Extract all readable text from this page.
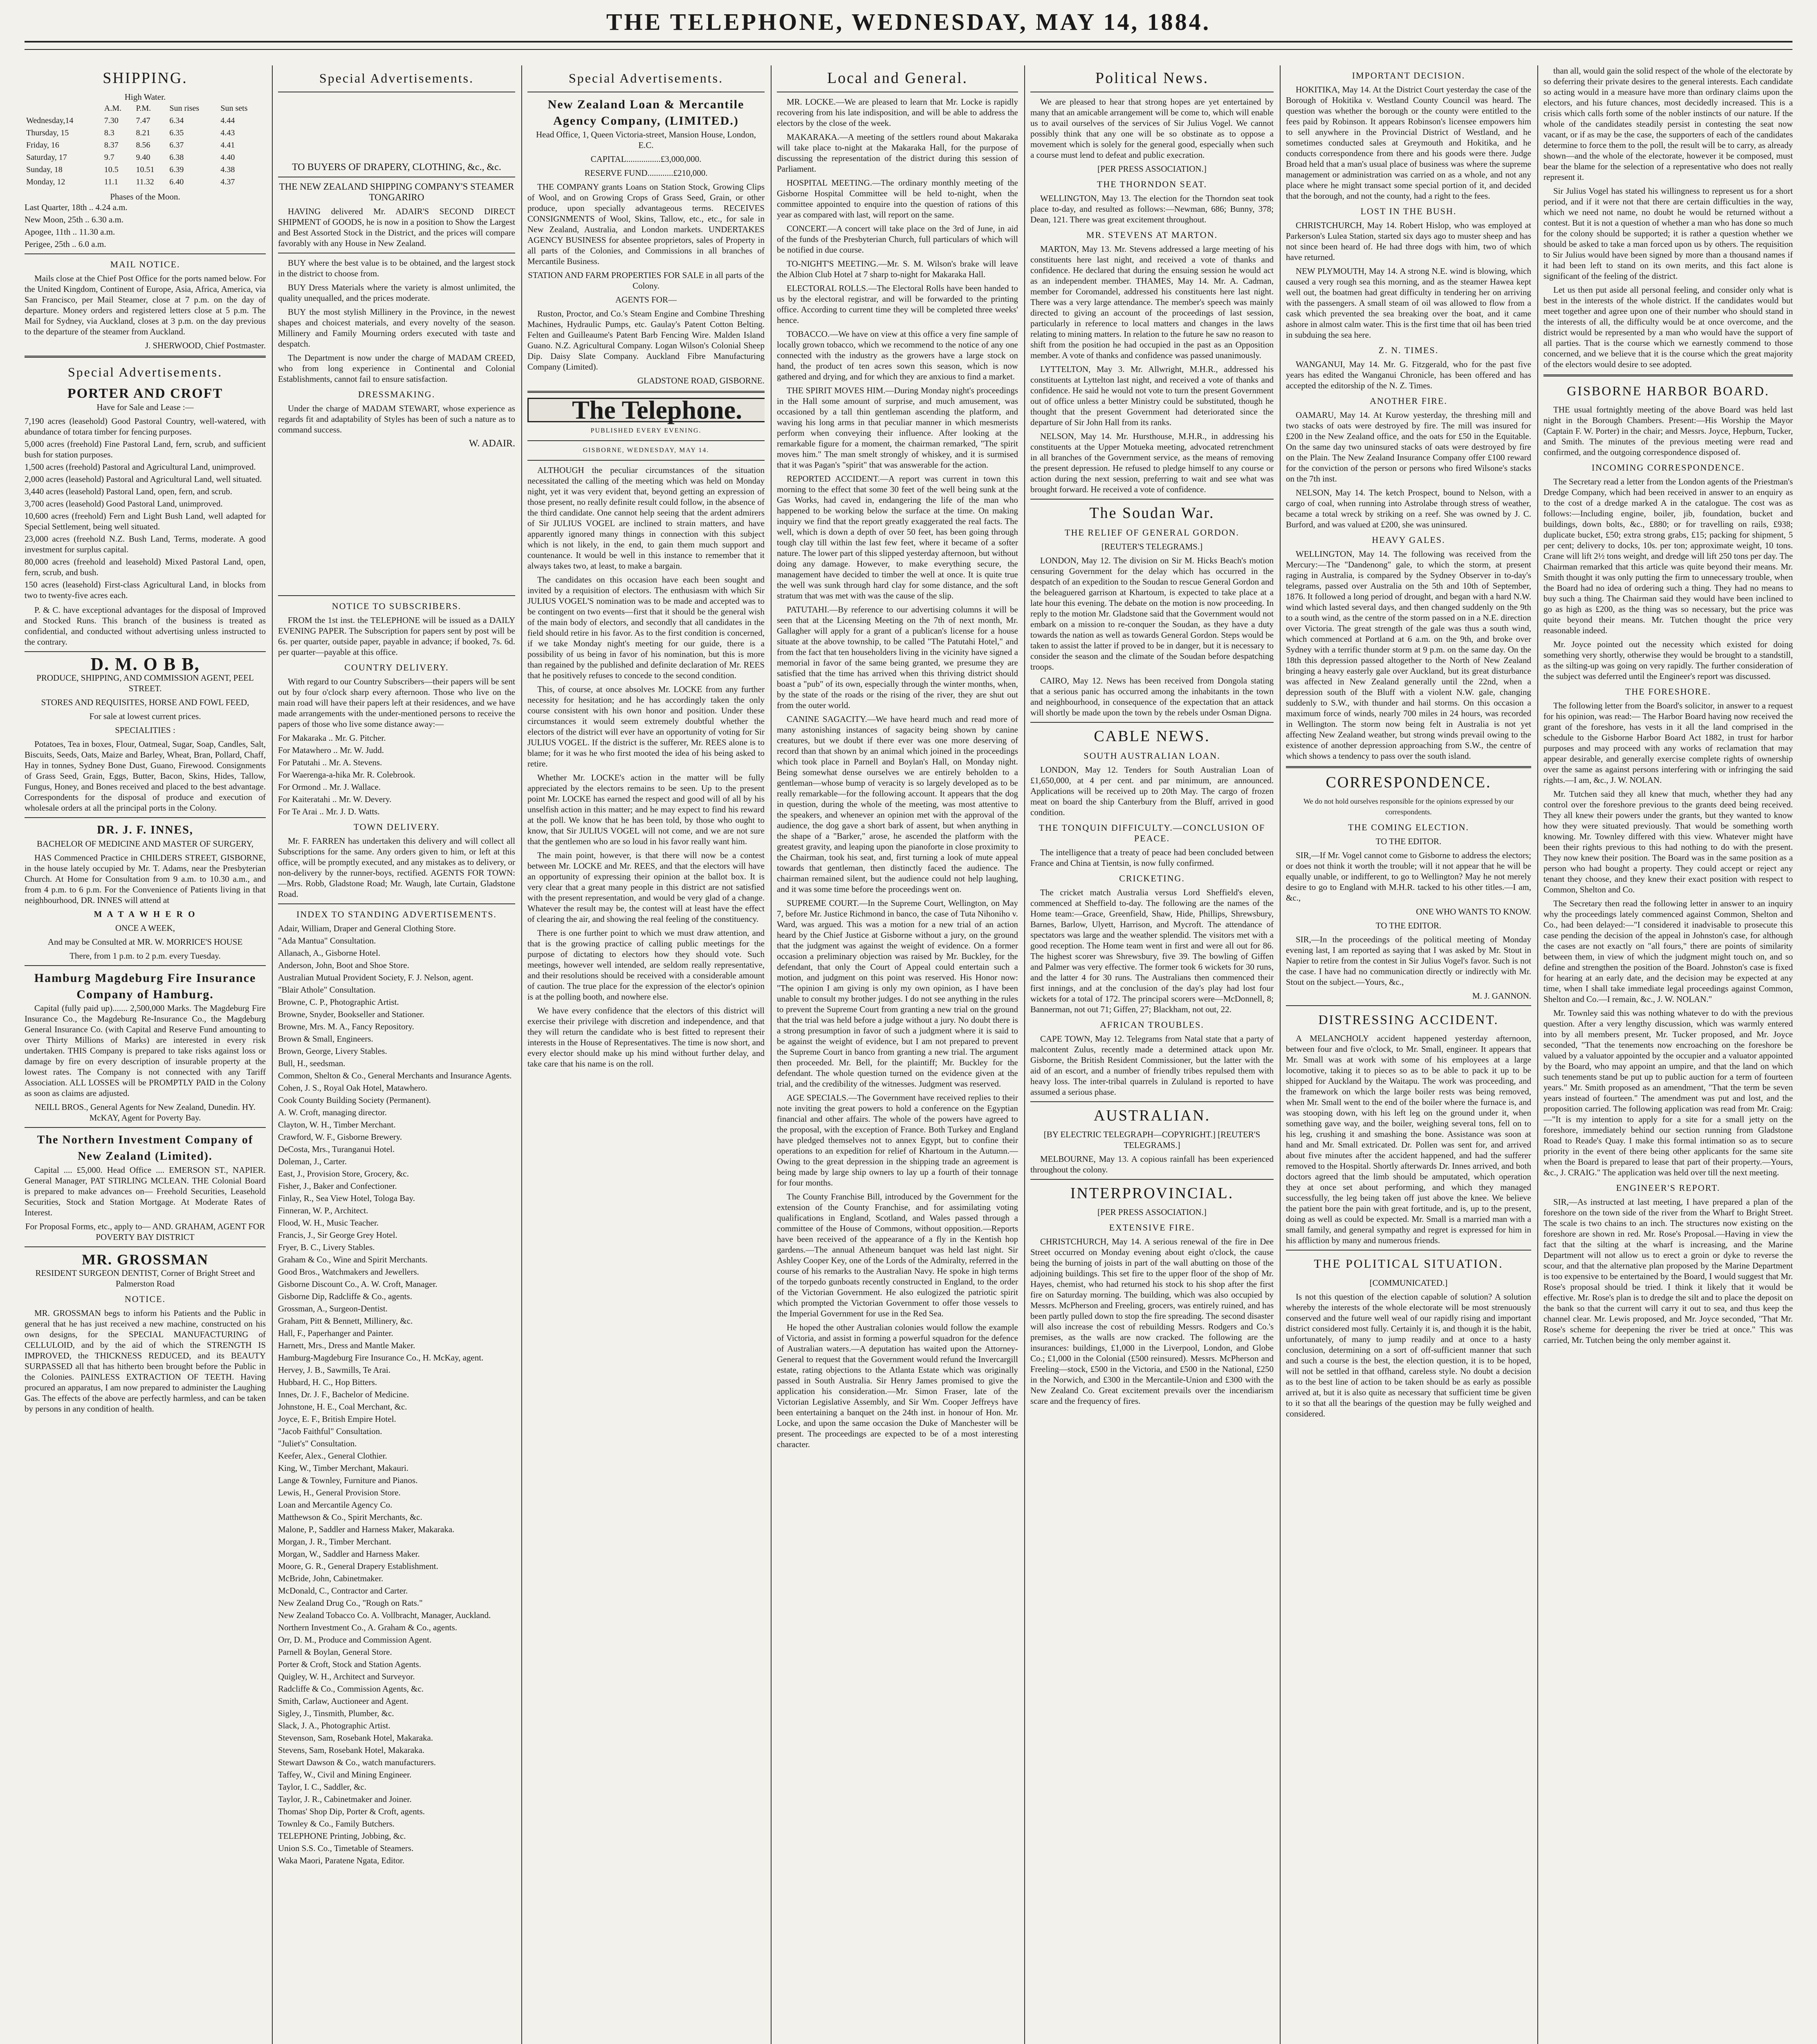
THE TELEPHONE, WEDNESDAY, MAY 14, 1884.
SHIPPING.
High Water.
	A.M.	P.M.	Sun rises	Sun sets
Wednesday,14	7.30	7.47	6.34	4.44
Thursday, 15	8.3	8.21	6.35	4.43
Friday, 16	8.37	8.56	6.37	4.41
Saturday, 17	9.7	9.40	6.38	4.40
Sunday, 18	10.5	10.51	6.39	4.38
Monday, 12	11.1	11.32	6.40	4.37
Phases of the Moon.
Last Quarter, 18th .. 4.24 a.m.
New Moon, 25th .. 6.30 a.m.
Apogee, 11th .. 11.30 a.m.
Perigee, 25th .. 6.0 a.m.
MAIL NOTICE.

Mails close at the Chief Post Office for the ports named below. For the United Kingdom, Continent of Europe, Asia, Africa, America, via San Francisco, per Mail Steamer, close at 7 p.m. on the day of departure. Money orders and registered letters close at 5 p.m. The Mail for Sydney, via Auckland, closes at 3 p.m. on the day previous to the departure of the steamer from Auckland.

J. SHERWOOD, Chief Postmaster.

Special Advertisements.
PORTER AND CROFT

Have for Sale and Lease :—

7,190 acres (leasehold) Good Pastoral Country, well-watered, with abundance of totara timber for fencing purposes.
5,000 acres (freehold) Fine Pastoral Land, fern, scrub, and sufficient bush for station purposes.
1,500 acres (freehold) Pastoral and Agricultural Land, unimproved.
2,000 acres (leasehold) Pastoral and Agricultural Land, well situated.
3,440 acres (leasehold) Pastoral Land, open, fern, and scrub.
3,700 acres (leasehold) Good Pastoral Land, unimproved.
10,600 acres (freehold) Fern and Light Bush Land, well adapted for Special Settlement, being well situated.
23,000 acres (freehold N.Z. Bush Land, Terms, moderate. A good investment for surplus capital.
80,000 acres (freehold and leasehold) Mixed Pastoral Land, open, fern, scrub, and bush.
150 acres (leasehold) First-class Agricultural Land, in blocks from two to twenty-five acres each.

P. & C. have exceptional advantages for the disposal of Improved and Stocked Runs. This branch of the business is treated as confidential, and conducted without advertising unless instructed to the contrary.

D. M. O B B,

PRODUCE, SHIPPING, AND COMMISSION AGENT, PEEL STREET.

STORES AND REQUISITES, HORSE AND FOWL FEED,

For sale at lowest current prices.

SPECIALITIES :

Potatoes, Tea in boxes, Flour, Oatmeal, Sugar, Soap, Candles, Salt, Biscuits, Seeds, Oats, Maize and Barley, Wheat, Bran, Pollard, Chaff, Hay in tonnes, Sydney Bone Dust, Guano, Firewood. Consignments of Grass Seed, Grain, Eggs, Butter, Bacon, Skins, Hides, Tallow, Fungus, Honey, and Bones received and placed to the best advantage. Correspondents for the disposal of produce and execution of wholesale orders at all the principal ports in the Colony.

DR. J. F. INNES,

BACHELOR OF MEDICINE AND MASTER OF SURGERY,

HAS Commenced Practice in CHILDERS STREET, GISBORNE, in the house lately occupied by Mr. T. Adams, near the Presbyterian Church. At Home for Consultation from 9 a.m. to 10.30 a.m., and from 4 p.m. to 6 p.m. For the Convenience of Patients living in that neighbourhood, DR. INNES will attend at

M A T A W H E R O

ONCE A WEEK,

And may be Consulted at MR. W. MORRICE'S HOUSE

There, from 1 p.m. to 2 p.m. every Tuesday.

Hamburg Magdeburg Fire Insurance Company of Hamburg.

Capital (fully paid up)....... 2,500,000 Marks. The Magdeburg Fire Insurance Co., the Magdeburg Re-Insurance Co., the Magdeburg General Insurance Co. (with Capital and Reserve Fund amounting to over Thirty Millions of Marks) are interested in every risk undertaken. THIS Company is prepared to take risks against loss or damage by fire on every description of insurable property at the lowest rates. The Company is not connected with any Tariff Association. ALL LOSSES will be PROMPTLY PAID in the Colony as soon as claims are adjusted.

NEILL BROS., General Agents for New Zealand, Dunedin. HY. McKAY, Agent for Poverty Bay.

The Northern Investment Company of New Zealand (Limited).

Capital .... £5,000. Head Office .... EMERSON ST., NAPIER. General Manager, PAT STIRLING MCLEAN. THE Colonial Board is prepared to make advances on— Freehold Securities, Leasehold Securities, Stock and Station Mortgage. At Moderate Rates of Interest.

For Proposal Forms, etc., apply to— AND. GRAHAM, AGENT FOR POVERTY BAY DISTRICT

MR. GROSSMAN

RESIDENT SURGEON DENTIST, Corner of Bright Street and Palmerston Road

NOTICE.

MR. GROSSMAN begs to inform his Patients and the Public in general that he has just received a new machine, constructed on his own designs, for the SPECIAL MANUFACTURING of CELLULOID, and by the aid of which the STRENGTH IS IMPROVED, the THICKNESS REDUCED, and its BEAUTY SURPASSED all that has hitherto been brought before the Public in the Colonies. PAINLESS EXTRACTION OF TEETH. Having procured an apparatus, I am now prepared to administer the Laughing Gas. The effects of the above are perfectly harmless, and can be taken by persons in any condition of health.

Special Advertisements.

TO BUYERS OF DRAPERY, CLOTHING, &c., &c.

THE NEW ZEALAND SHIPPING COMPANY'S STEAMER TONGARIRO

HAVING delivered Mr. ADAIR'S SECOND DIRECT SHIPMENT of GOODS, he is now in a position to Show the Largest and Best Assorted Stock in the District, and the prices will compare favorably with any House in New Zealand.

BUY where the best value is to be obtained, and the largest stock in the district to choose from.

BUY Dress Materials where the variety is almost unlimited, the quality unequalled, and the prices moderate.

BUY the most stylish Millinery in the Province, in the newest shapes and choicest materials, and every novelty of the season. Millinery and Family Mourning orders executed with taste and despatch.

The Department is now under the charge of MADAM CREED, who from long experience in Continental and Colonial Establishments, cannot fail to ensure satisfaction.

DRESSMAKING.

Under the charge of MADAM STEWART, whose experience as regards fit and adaptability of Styles has been of such a nature as to command success.

W. ADAIR.

NOTICE TO SUBSCRIBERS.

FROM the 1st inst. the TELEPHONE will be issued as a DAILY EVENING PAPER. The Subscription for papers sent by post will be 6s. per quarter, outside paper, payable in advance; if booked, 7s. 6d. per quarter—payable at this office.

COUNTRY DELIVERY.

With regard to our Country Subscribers—their papers will be sent out by four o'clock sharp every afternoon. Those who live on the main road will have their papers left at their residences, and we have made arrangements with the under-mentioned persons to receive the papers of those who live some distance away:—

For Makaraka .. Mr. G. Pitcher.
For Matawhero .. Mr. W. Judd.
For Patutahi .. Mr. A. Stevens.
For Waerenga-a-hika Mr. R. Colebrook.
For Ormond .. Mr. J. Wallace.
For Kaiteratahi .. Mr. W. Devery.
For Te Arai .. Mr. J. D. Watts.
TOWN DELIVERY.

Mr. F. FARREN has undertaken this delivery and will collect all Subscriptions for the same. Any orders given to him, or left at this office, will be promptly executed, and any mistakes as to delivery, or non-delivery by the runner-boys, rectified. AGENTS FOR TOWN:—Mrs. Robb, Gladstone Road; Mr. Waugh, late Curtain, Gladstone Road.

INDEX TO STANDING ADVERTISEMENTS.
Adair, William, Draper and General Clothing Store.
"Ada Mantua" Consultation.
Allanach, A., Gisborne Hotel.
Anderson, John, Boot and Shoe Store.
Australian Mutual Provident Society, F. J. Nelson, agent.
"Blair Athole" Consultation.
Browne, C. P., Photographic Artist.
Browne, Snyder, Bookseller and Stationer.
Browne, Mrs. M. A., Fancy Repository.
Brown & Small, Engineers.
Brown, George, Livery Stables.
Bull, H., seedsman.
Common, Shelton & Co., General Merchants and Insurance Agents.
Cohen, J. S., Royal Oak Hotel, Matawhero.
Cook County Building Society (Permanent).
A. W. Croft, managing director.
Clayton, W. H., Timber Merchant.
Crawford, W. F., Gisborne Brewery.
DeCosta, Mrs., Turanganui Hotel.
Doleman, J., Carter.
East, J., Provision Store, Grocery, &c.
Fisher, J., Baker and Confectioner.
Finlay, R., Sea View Hotel, Tologa Bay.
Finneran, W. P., Architect.
Flood, W. H., Music Teacher.
Francis, J., Sir George Grey Hotel.
Fryer, B. C., Livery Stables.
Graham & Co., Wine and Spirit Merchants.
Good Bros., Watchmakers and Jewellers.
Gisborne Discount Co., A. W. Croft, Manager.
Gisborne Dip, Radcliffe & Co., agents.
Grossman, A., Surgeon-Dentist.
Graham, Pitt & Bennett, Millinery, &c.
Hall, F., Paperhanger and Painter.
Harnett, Mrs., Dress and Mantle Maker.
Hamburg-Magdeburg Fire Insurance Co., H. McKay, agent.
Hervey, J. B., Sawmills, Te Arai.
Hubbard, H. C., Hop Bitters.
Innes, Dr. J. F., Bachelor of Medicine.
Johnstone, H. E., Coal Merchant, &c.
Joyce, E. F., British Empire Hotel.
"Jacob Faithful" Consultation.
"Juliet's" Consultation.
Keefer, Alex., General Clothier.
King, W., Timber Merchant, Makauri.
Lange & Townley, Furniture and Pianos.
Lewis, H., General Provision Store.
Loan and Mercantile Agency Co.
Matthewson & Co., Spirit Merchants, &c.
Malone, P., Saddler and Harness Maker, Makaraka.
Morgan, J. R., Timber Merchant.
Morgan, W., Saddler and Harness Maker.
Moore, G. R., General Drapery Establishment.
McBride, John, Cabinetmaker.
McDonald, C., Contractor and Carter.
New Zealand Drug Co., "Rough on Rats."
New Zealand Tobacco Co. A. Vollbracht, Manager, Auckland.
Northern Investment Co., A. Graham & Co., agents.
Orr, D. M., Produce and Commission Agent.
Parnell & Boylan, General Store.
Porter & Croft, Stock and Station Agents.
Quigley, W. H., Architect and Surveyor.
Radcliffe & Co., Commission Agents, &c.
Smith, Carlaw, Auctioneer and Agent.
Sigley, J., Tinsmith, Plumber, &c.
Slack, J. A., Photographic Artist.
Stevenson, Sam, Rosebank Hotel, Makaraka.
Stevens, Sam, Rosebank Hotel, Makaraka.
Stewart Dawson & Co., watch manufacturers.
Taffey, W., Civil and Mining Engineer.
Taylor, I. C., Saddler, &c.
Taylor, J. R., Cabinetmaker and Joiner.
Thomas' Shop Dip, Porter & Croft, agents.
Townley & Co., Family Butchers.
TELEPHONE Printing, Jobbing, &c.
Union S.S. Co., Timetable of Steamers.
Waka Maori, Paratene Ngata, Editor.
Special Advertisements.
New Zealand Loan & Mercantile Agency Company, (LIMITED.)

Head Office, 1, Queen Victoria-street, Mansion House, London, E.C.

CAPITAL................£3,000,000.

RESERVE FUND............£210,000.

THE COMPANY grants Loans on Station Stock, Growing Clips of Wool, and on Growing Crops of Grass Seed, Grain, or other produce, upon specially advantageous terms. RECEIVES CONSIGNMENTS of Wool, Skins, Tallow, etc., etc., for sale in New Zealand, Australia, and London markets. UNDERTAKES AGENCY BUSINESS for absentee proprietors, sales of Property in all parts of the Colonies, and Commissions in all branches of Mercantile Business.

STATION AND FARM PROPERTIES FOR SALE in all parts of the Colony.

AGENTS FOR—

Ruston, Proctor, and Co.'s Steam Engine and Combine Threshing Machines, Hydraulic Pumps, etc. Gaulay's Patent Cotton Belting. Felten and Guilleaume's Patent Barb Fencing Wire. Malden Island Guano. N.Z. Agricultural Company. Logan Wilson's Colonial Sheep Dip. Daisy Slate Company. Auckland Fibre Manufacturing Company (Limited).

GLADSTONE ROAD, GISBORNE.

The Telephone.
PUBLISHED EVERY EVENING.
GISBORNE, WEDNESDAY, MAY 14.

ALTHOUGH the peculiar circumstances of the situation necessitated the calling of the meeting which was held on Monday night, yet it was very evident that, beyond getting an expression of those present, no really definite result could follow, in the absence of the third candidate. One cannot help seeing that the ardent admirers of Sir JULIUS VOGEL are inclined to strain matters, and have apparently ignored many things in connection with this subject which is not likely, in the end, to gain them much support and countenance. It would be well in this instance to remember that it always takes two, at least, to make a bargain.

The candidates on this occasion have each been sought and invited by a requisition of electors. The enthusiasm with which Sir JULIUS VOGEL'S nomination was to be made and accepted was to be contingent on two events—first that it should be the general wish of the main body of electors, and secondly that all candidates in the field should retire in his favor. As to the first condition is concerned, if we take Monday night's meeting for our guide, there is a possibility of us being in favor of his nomination, but this is more than regained by the published and definite declaration of Mr. REES that he positively refuses to concede to the second condition.

This, of course, at once absolves Mr. LOCKE from any further necessity for hesitation; and he has accordingly taken the only course consistent with his own honor and position. Under these circumstances it would seem extremely doubtful whether the electors of the district will ever have an opportunity of voting for Sir JULIUS VOGEL. If the district is the sufferer, Mr. REES alone is to blame; for it was he who first mooted the idea of his being asked to retire.

Whether Mr. LOCKE's action in the matter will be fully appreciated by the electors remains to be seen. Up to the present point Mr. LOCKE has earned the respect and good will of all by his unselfish action in this matter; and he may expect to find his reward at the poll. We know that he has been told, by those who ought to know, that Sir JULIUS VOGEL will not come, and we are not sure that the gentlemen who are so loud in his favor really want him.

The main point, however, is that there will now be a contest between Mr. LOCKE and Mr. REES, and that the electors will have an opportunity of expressing their opinion at the ballot box. It is very clear that a great many people in this district are not satisfied with the present representation, and would be very glad of a change. Whatever the result may be, the contest will at least have the effect of clearing the air, and showing the real feeling of the constituency.

There is one further point to which we must draw attention, and that is the growing practice of calling public meetings for the purpose of dictating to electors how they should vote. Such meetings, however well intended, are seldom really representative, and their resolutions should be received with a considerable amount of caution. The true place for the expression of the elector's opinion is at the polling booth, and nowhere else.

We have every confidence that the electors of this district will exercise their privilege with discretion and independence, and that they will return the candidate who is best fitted to represent their interests in the House of Representatives. The time is now short, and every elector should make up his mind without further delay, and take care that his name is on the roll.

Local and General.

MR. LOCKE.—We are pleased to learn that Mr. Locke is rapidly recovering from his late indisposition, and will be able to address the electors by the close of the week.

MAKARAKA.—A meeting of the settlers round about Makaraka will take place to-night at the Makaraka Hall, for the purpose of discussing the representation of the district during this session of Parliament.

HOSPITAL MEETING.—The ordinary monthly meeting of the Gisborne Hospital Committee will be held to-night, when the committee appointed to enquire into the question of rations of this year as compared with last, will report on the same.

CONCERT.—A concert will take place on the 3rd of June, in aid of the funds of the Presbyterian Church, full particulars of which will be notified in due course.

TO-NIGHT'S MEETING.—Mr. S. M. Wilson's brake will leave the Albion Club Hotel at 7 sharp to-night for Makaraka Hall.

ELECTORAL ROLLS.—The Electoral Rolls have been handed to us by the electoral registrar, and will be forwarded to the printing office. According to current time they will be completed three weeks' hence.

TOBACCO.—We have on view at this office a very fine sample of locally grown tobacco, which we recommend to the notice of any one connected with the industry as the growers have a large stock on hand, the product of ten acres sown this season, which is now gathered and drying, and for which they are anxious to find a market.

THE SPIRIT MOVES HIM.—During Monday night's proceedings in the Hall some amount of surprise, and much amusement, was occasioned by a tall thin gentleman ascending the platform, and waving his long arms in that peculiar manner in which mesmerists perform when conveying their influence. After looking at the remarkable figure for a moment, the chairman remarked, "The spirit moves him." The man smelt strongly of whiskey, and it is surmised that it was Pagan's "spirit" that was answerable for the action.

REPORTED ACCIDENT.—A report was current in town this morning to the effect that some 30 feet of the well being sunk at the Gas Works, had caved in, endangering the life of the man who happened to be working below the surface at the time. On making inquiry we find that the report greatly exaggerated the real facts. The well, which is down a depth of over 50 feet, has been going through tough clay till within the last few feet, where it became of a softer nature. The lower part of this slipped yesterday afternoon, but without doing any damage. However, to make everything secure, the management have decided to timber the well at once. It is quite true the well was sunk through hard clay for some distance, and the soft stratum that was met with was the cause of the slip.

PATUTAHI.—By reference to our advertising columns it will be seen that at the Licensing Meeting on the 7th of next month, Mr. Gallagher will apply for a grant of a publican's license for a house situate at the above township, to be called "The Patutahi Hotel," and from the fact that ten householders living in the vicinity have signed a memorial in favor of the same being granted, we presume they are satisfied that the time has arrived when this thriving district should boast a "pub" of its own, especially through the winter months, when, by the state of the roads or the rising of the river, they are shut out from the outer world.

CANINE SAGACITY.—We have heard much and read more of many astonishing instances of sagacity being shown by canine creatures, but we doubt if there ever was one more deserving of record than that shown by an animal which joined in the proceedings which took place in Parnell and Boylan's Hall, on Monday night. Being somewhat dense ourselves we are entirely beholden to a gentleman—whose bump of veracity is so largely developed as to be really remarkable—for the following account. It appears that the dog in question, during the whole of the meeting, was most attentive to the speakers, and whenever an opinion met with the approval of the audience, the dog gave a short bark of assent, but when anything in the shape of a "Barker," arose, he ascended the platform with the greatest gravity, and leaping upon the pianoforte in close proximity to the Chairman, took his seat, and, first turning a look of mute appeal towards that gentleman, then distinctly faced the audience. The chairman remained silent, but the audience could not help laughing, and it was some time before the proceedings went on.

SUPREME COURT.—In the Supreme Court, Wellington, on May 7, before Mr. Justice Richmond in banco, the case of Tuta Nihoniho v. Ward, was argued. This was a motion for a new trial of an action heard by the Chief Justice at Gisborne without a jury, on the ground that the judgment was against the weight of evidence. On a former occasion a preliminary objection was raised by Mr. Buckley, for the defendant, that only the Court of Appeal could entertain such a motion, and judgment on this point was reserved. His Honor now: "The opinion I am giving is only my own opinion, as I have been unable to consult my brother judges. I do not see anything in the rules to prevent the Supreme Court from granting a new trial on the ground that the trial was held before a judge without a jury. No doubt there is a strong presumption in favor of such a judgment where it is said to be against the weight of evidence, but I am not prepared to prevent the Supreme Court in banco from granting a new trial. The argument then proceeded. Mr. Bell, for the plaintiff; Mr. Buckley for the defendant. The whole question turned on the evidence given at the trial, and the credibility of the witnesses. Judgment was reserved.

AGE SPECIALS.—The Government have received replies to their note inviting the great powers to hold a conference on the Egyptian financial and other affairs. The whole of the powers have agreed to the proposal, with the exception of France. Both Turkey and England have pledged themselves not to annex Egypt, but to confine their operations to an expedition for relief of Khartoum in the Autumn.—Owing to the great depression in the shipping trade an agreement is being made by large ship owners to lay up a fourth of their tonnage for four months.

The County Franchise Bill, introduced by the Government for the extension of the County Franchise, and for assimilating voting qualifications in England, Scotland, and Wales passed through a committee of the House of Commons, without opposition.—Reports have been received of the appearance of a fly in the Kentish hop gardens.—The annual Atheneum banquet was held last night. Sir Ashley Cooper Key, one of the Lords of the Admiralty, referred in the course of his remarks to the Australian Navy. He spoke in high terms of the torpedo gunboats recently constructed in England, to the order of the Victorian Government. He also eulogized the patriotic spirit which prompted the Victorian Government to offer those vessels to the Imperial Government for use in the Red Sea.

He hoped the other Australian colonies would follow the example of Victoria, and assist in forming a powerful squadron for the defence of Australian waters.—A deputation has waited upon the Attorney-General to request that the Government would refund the Invercargill estate, rating objections to the Atlanta Estate which was originally passed in South Australia. Sir Henry James promised to give the application his consideration.—Mr. Simon Fraser, late of the Victorian Legislative Assembly, and Sir Wm. Cooper Jeffreys have been entertaining a banquet on the 24th inst. in honour of Hon. Mr. Locke, and upon the same occasion the Duke of Manchester will be present. The proceedings are expected to be of a most interesting character.

Political News.

We are pleased to hear that strong hopes are yet entertained by many that an amicable arrangement will be come to, which will enable us to avail ourselves of the services of Sir Julius Vogel. We cannot possibly think that any one will be so obstinate as to oppose a movement which is solely for the general good, especially when such a course must lend to defeat and public execration.

[PER PRESS ASSOCIATION.]

THE THORNDON SEAT.

WELLINGTON, May 13. The election for the Thorndon seat took place to-day, and resulted as follows:—Newman, 686; Bunny, 378; Dean, 121. There was great excitement throughout.

MR. STEVENS AT MARTON.

MARTON, May 13. Mr. Stevens addressed a large meeting of his constituents here last night, and received a vote of thanks and confidence. He declared that during the ensuing session he would act as an independent member. THAMES, May 14. Mr. A. Cadman, member for Coromandel, addressed his constituents here last night. There was a very large attendance. The member's speech was mainly directed to giving an account of the proceedings of last session, particularly in reference to local matters and changes in the laws relating to mining matters. In relation to the future he saw no reason to shift from the position he had occupied in the past as an Opposition member. A vote of thanks and confidence was passed unanimously.

LYTTELTON, May 3. Mr. Allwright, M.H.R., addressed his constituents at Lyttelton last night, and received a vote of thanks and confidence. He said he would not vote to turn the present Government out of office unless a better Ministry could be substituted, though he thought that the present Government had deteriorated since the departure of Sir John Hall from its ranks.

NELSON, May 14. Mr. Hursthouse, M.H.R., in addressing his constituents at the Upper Motueka meeting, advocated retrenchment in all branches of the Government service, as the means of removing the present depression. He refused to pledge himself to any course or action during the next session, preferring to wait and see what was brought forward. He received a vote of confidence.

The Soudan War.
THE RELIEF OF GENERAL GORDON.

[REUTER'S TELEGRAMS.]

LONDON, May 12. The division on Sir M. Hicks Beach's motion censuring Government for the delay which has occurred in the despatch of an expedition to the Soudan to rescue General Gordon and the beleaguered garrison at Khartoum, is expected to take place at a late hour this evening. The debate on the motion is now proceeding. In reply to the motion Mr. Gladstone said that the Government would not embark on a mission to re-conquer the Soudan, as they have a duty towards the nation as well as towards General Gordon. Steps would be taken to assist the latter if proved to be in danger, but it is necessary to consider the season and the climate of the Soudan before despatching troops.

CAIRO, May 12. News has been received from Dongola stating that a serious panic has occurred among the inhabitants in the town and neighbourhood, in consequence of the expectation that an attack will shortly be made upon the town by the rebels under Osman Digna.

CABLE NEWS.
SOUTH AUSTRALIAN LOAN.

LONDON, May 12. Tenders for South Australian Loan of £1,650,000, at 4 per cent. and par minimum, are announced. Applications will be received up to 20th May. The cargo of frozen meat on board the ship Canterbury from the Bluff, arrived in good condition.

THE TONQUIN DIFFICULTY.—CONCLUSION OF PEACE.

The intelligence that a treaty of peace had been concluded between France and China at Tientsin, is now fully confirmed.

CRICKETING.

The cricket match Australia versus Lord Sheffield's eleven, commenced at Sheffield to-day. The following are the names of the Home team:—Grace, Greenfield, Shaw, Hide, Phillips, Shrewsbury, Barnes, Barlow, Ulyett, Harrison, and Mycroft. The attendance of spectators was large and the weather splendid. The visitors met with a good reception. The Home team went in first and were all out for 86. The highest scorer was Shrewsbury, five 39. The bowling of Giffen and Palmer was very effective. The former took 6 wickets for 30 runs, and the latter 4 for 30 runs. The Australians then commenced their first innings, and at the conclusion of the day's play had lost four wickets for a total of 172. The principal scorers were—McDonnell, 8; Bannerman, not out 71; Giffen, 27; Blackham, not out, 22.

AFRICAN TROUBLES.

CAPE TOWN, May 12. Telegrams from Natal state that a party of malcontent Zulus, recently made a determined attack upon Mr. Gisborne, the British Resident Commissioner, but the latter with the aid of an escort, and a number of friendly tribes repulsed them with heavy loss. The inter-tribal quarrels in Zululand is reported to have assumed a serious phase.

AUSTRALIAN.

[BY ELECTRIC TELEGRAPH—COPYRIGHT.] [REUTER'S TELEGRAMS.]

MELBOURNE, May 13. A copious rainfall has been experienced throughout the colony.

INTERPROVINCIAL.

[PER PRESS ASSOCIATION.]

EXTENSIVE FIRE.

CHRISTCHURCH, May 14. A serious renewal of the fire in Dee Street occurred on Monday evening about eight o'clock, the cause being the burning of joists in part of the wall abutting on those of the adjoining buildings. This set fire to the upper floor of the shop of Mr. Hayes, chemist, who had returned his stock to his shop after the first fire on Saturday morning. The building, which was also occupied by Messrs. McPherson and Freeling, grocers, was entirely ruined, and has been partly pulled down to stop the fire spreading. The second disaster will also increase the cost of rebuilding Messrs. Rodgers and Co.'s premises, as the walls are now cracked. The following are the insurances: buildings, £1,000 in the Liverpool, London, and Globe Co.; £1,000 in the Colonial (£500 reinsured). Messrs. McPherson and Freeling—stock, £500 in the Victoria, and £500 in the National, £250 in the Norwich, and £300 in the Mercantile-Union and £300 with the New Zealand Co. Great excitement prevails over the incendiarism scare and the frequency of fires.

IMPORTANT DECISION.

HOKITIKA, May 14. At the District Court yesterday the case of the Borough of Hokitika v. Westland County Council was heard. The question was whether the borough or the county were entitled to the fees paid by Robinson. It appears Robinson's licensee empowers him to sell anywhere in the Provincial District of Westland, and he sometimes conducted sales at Greymouth and Hokitika, and he conducts correspondence from there and his goods were there. Judge Broad held that a man's usual place of business was where the supreme management or administration was carried on as a whole, and not any place where he might transact some special portion of it, and decided that the borough, and not the county, had a right to the fees.

LOST IN THE BUSH.

CHRISTCHURCH, May 14. Robert Hislop, who was employed at Parkerson's Lulea Station, started six days ago to muster sheep and has not since been heard of. He had three dogs with him, two of which have returned.

NEW PLYMOUTH, May 14. A strong N.E. wind is blowing, which caused a very rough sea this morning, and as the steamer Hawea kept well out, the boatmen had great difficulty in tendering her on arriving with the passengers. A small steam of oil was allowed to flow from a cask which prevented the sea breaking over the boat, and it came ashore in almost calm water. This is the first time that oil has been tried in subduing the sea here.

Z. N. TIMES.

WANGANUI, May 14. Mr. G. Fitzgerald, who for the past five years has edited the Wanganui Chronicle, has been offered and has accepted the editorship of the N. Z. Times.

ANOTHER FIRE.

OAMARU, May 14. At Kurow yesterday, the threshing mill and two stacks of oats were destroyed by fire. The mill was insured for £200 in the New Zealand office, and the oats for £50 in the Equitable. On the same day two uninsured stacks of oats were destroyed by fire on the Plain. The New Zealand Insurance Company offer £100 reward for the conviction of the person or persons who fired Wilsone's stacks on the 7th inst.

NELSON, May 14. The ketch Prospect, bound to Nelson, with a cargo of coal, when running into Astrolabe through stress of weather, became a total wreck by striking on a reef. She was owned by J. C. Burford, and was valued at £200, she was uninsured.

HEAVY GALES.

WELLINGTON, May 14. The following was received from the Mercury:—The "Dandenong" gale, to which the storm, at present raging in Australia, is compared by the Sydney Observer in to-day's telegrams, passed over Australia on the 5th and 10th of September, 1876. It followed a long period of drought, and began with a hard N.W. wind which lasted several days, and then changed suddenly on the 9th to a south wind, as the centre of the storm passed on in a N.E. direction over Victoria. The great strength of the gale was thus a south wind, which commenced at Portland at 6 a.m. on the 9th, and broke over Sydney with a terrific thunder storm at 9 p.m. on the same day. On the 18th this depression passed altogether to the North of New Zealand bringing a heavy easterly gale over Auckland, but its great disturbance was affected in New Zealand generally until the 22nd, when a depression south of the Bluff with a violent N.W. gale, changing suddenly to S.W., with thunder and hail storms. On this occasion a maximum force of winds, nearly 700 miles in 24 hours, was recorded in Wellington. The storm now being felt in Australia is not yet affecting New Zealand weather, but strong winds prevail owing to the existence of another depression approaching from S.W., the centre of which shows a tendency to pass over the south island.

CORRESPONDENCE.

We do not hold ourselves responsible for the opinions expressed by our correspondents.

THE COMING ELECTION.

TO THE EDITOR.

SIR,—If Mr. Vogel cannot come to Gisborne to address the electors; or does not think it worth the trouble; will it not appear that he will be equally unable, or indifferent, to go to Wellington? May he not merely desire to go to England with M.H.R. tacked to his other titles.—I am, &c.,

ONE WHO WANTS TO KNOW.

TO THE EDITOR.

SIR,—In the proceedings of the political meeting of Monday evening last, I am reported as saying that I was asked by Mr. Stout in Napier to retire from the contest in Sir Julius Vogel's favor. Such is not the case. I have had no communication directly or indirectly with Mr. Stout on the subject.—Yours, &c.,

M. J. GANNON.

DISTRESSING ACCIDENT.

A MELANCHOLY accident happened yesterday afternoon, between four and five o'clock, to Mr. Small, engineer. It appears that Mr. Small was at work with some of his employees at a large locomotive, taking it to pieces so as to be able to pack it up to be shipped for Auckland by the Waitapu. The work was proceeding, and the framework on which the large boiler rests was being removed, when Mr. Small went to the end of the boiler where the furnace is, and was stooping down, with his left leg on the ground under it, when something gave way, and the boiler, weighing several tons, fell on to his leg, crushing it and smashing the bone. Assistance was soon at hand and Mr. Small extricated. Dr. Pollen was sent for, and arrived about five minutes after the accident happened, and had the sufferer removed to the Hospital. Shortly afterwards Dr. Innes arrived, and both doctors agreed that the limb should be amputated, which operation they at once set about performing, and which they managed successfully, the leg being taken off just above the knee. We believe the patient bore the pain with great fortitude, and is, up to the present, doing as well as could be expected. Mr. Small is a married man with a small family, and general sympathy and regret is expressed for him in his affliction by many and numerous friends.

THE POLITICAL SITUATION.

[COMMUNICATED.]

Is not this question of the election capable of solution? A solution whereby the interests of the whole electorate will be most strenuously conserved and the future well weal of our rapidly rising and important district considered most fully. Certainly it is, and though it is the habit, unfortunately, of many to jump readily and at once to a hasty conclusion, determining on a sort of off-sufficient manner that such and such a course is the best, the election question, it is to be hoped, will not be settled in that offhand, careless style. No doubt a decision as to the best line of action to be taken should be as early as possible arrived at, but it is also quite as necessary that sufficient time be given to it so that all the bearings of the question may be fully weighed and considered.

than all, would gain the solid respect of the whole of the electorate by so deferring their private desires to the general interests. Each candidate so acting would in a measure have more than ordinary claims upon the electors, and his future chances, most decidedly increased. This is a crisis which calls forth some of the nobler instincts of our nature. If the whole of the candidates steadily persist in contesting the seat now vacant, or if as may be the case, the supporters of each of the candidates determine to force them to the poll, the result will be to carry, as already shown—and the whole of the electorate, however it be composed, must bear the blame for the selection of a representative who does not really represent it.

Sir Julius Vogel has stated his willingness to represent us for a short period, and if it were not that there are certain difficulties in the way, which we need not name, no doubt he would be returned without a contest. But it is not a question of whether a man who has done so much for the colony should be supported; it is rather a question whether we should be asked to take a man forced upon us by others. The requisition to Sir Julius would have been signed by more than a thousand names if it had been left to stand on its own merits, and this fact alone is significant of the feeling of the district.

Let us then put aside all personal feeling, and consider only what is best in the interests of the whole district. If the candidates would but meet together and agree upon one of their number who should stand in the interests of all, the difficulty would be at once overcome, and the district would be represented by a man who would have the support of all parties. That is the course which we earnestly commend to those concerned, and we believe that it is the course which the great majority of the electors would desire to see adopted.

GISBORNE HARBOR BOARD.

THE usual fortnightly meeting of the above Board was held last night in the Borough Chambers. Present:—His Worship the Mayor (Captain F. W. Porter) in the chair; and Messrs. Joyce, Hepburn, Tucker, and Smith. The minutes of the previous meeting were read and confirmed, and the outgoing correspondence disposed of.

INCOMING CORRESPONDENCE.

The Secretary read a letter from the London agents of the Priestman's Dredge Company, which had been received in answer to an enquiry as to the cost of a dredge marked A in the catalogue. The cost was as follows:—Including engine, boiler, jib, foundation, bucket and buildings, down bolts, &c., £880; or for travelling on rails, £938; duplicate bucket, £50; extra strong grabs, £15; packing for shipment, 5 per cent; delivery to docks, 10s. per ton; approximate weight, 10 tons. Crane will lift 2½ tons weight, and dredge will lift 250 tons per day. The Chairman remarked that this article was quite beyond their means. Mr. Smith thought it was only putting the firm to unnecessary trouble, when the Board had no idea of ordering such a thing. They had no means to buy such a thing. The Chairman said they would have been inclined to go as high as £200, as the thing was so necessary, but the price was quite beyond their means. Mr. Tutchen thought the price very reasonable indeed.

Mr. Joyce pointed out the necessity which existed for doing something very shortly, otherwise they would be brought to a standstill, as the silting-up was going on very rapidly. The further consideration of the subject was deferred until the Engineer's report was discussed.

THE FORESHORE.

The following letter from the Board's solicitor, in answer to a request for his opinion, was read:— The Harbor Board having now received the grant of the foreshore, has vests in it all the land comprised in the schedule to the Gisborne Harbor Board Act 1882, in trust for harbor purposes and may proceed with any works of reclamation that may appear desirable, and generally exercise complete rights of ownership over the same as against persons interfering with or infringing the said rights.—I am, &c., J. W. NOLAN.

Mr. Tutchen said they all knew that much, whether they had any control over the foreshore previous to the grants deed being received. They all knew their powers under the grants, but they wanted to know how they were situated previously. That would be something worth knowing. Mr. Townley differed with this view. Whatever might have been their rights previous to this had nothing to do with the present. They now knew their position. The Board was in the same position as a person who had bought a property. They could accept or reject any tenant they choose, and they knew their exact position with respect to Common, Shelton and Co.

The Secretary then read the following letter in answer to an inquiry why the proceedings lately commenced against Common, Shelton and Co., had been delayed:—"I considered it inadvisable to prosecute this case pending the decision of the appeal in Johnston's case, for although the cases are not exactly on "all fours," there are points of similarity between them, in view of which the judgment might touch on, and so define and strengthen the position of the Board. Johnston's case is fixed for hearing at an early date, and the decision may be expected at any time, when I shall take immediate legal proceedings against Common, Shelton and Co.—I remain, &c., J. W. NOLAN."

Mr. Townley said this was nothing whatever to do with the previous question. After a very lengthy discussion, which was warmly entered into by all members present, Mr. Tucker proposed, and Mr. Joyce seconded, "That the tenements now encroaching on the foreshore be valued by a valuator appointed by the occupier and a valuator appointed by the Board, who may appoint an umpire, and that the land on which such tenements stand be put up to public auction for a term of fourteen years." Mr. Smith proposed as an amendment, "That the term be seven years instead of fourteen." The amendment was put and lost, and the proposition carried. The following application was read from Mr. Craig:—"It is my intention to apply for a site for a small jetty on the foreshore, immediately behind our section running from Gladstone Road to Reade's Quay. I make this formal intimation so as to secure priority in the event of there being other applicants for the same site when the Board is prepared to lease that part of their property.—Yours, &c., J. CRAIG." The application was held over till the next meeting.

ENGINEER'S REPORT.

SIR,—As instructed at last meeting, I have prepared a plan of the foreshore on the town side of the river from the Wharf to Bright Street. The scale is two chains to an inch. The structures now existing on the foreshore are shown in red. Mr. Rose's Proposal.—Having in view the fact that the silting at the wharf is increasing, and the Marine Department will not allow us to erect a groin or dyke to reverse the scour, and that the alternative plan proposed by the Marine Department is too expensive to be entertained by the Board, I would suggest that Mr. Rose's proposal should be tried. I think it likely that it would be effective. Mr. Rose's plan is to dredge the silt and to place the deposit on the bank so that the current will carry it out to sea, and thus keep the channel clear. Mr. Lewis proposed, and Mr. Joyce seconded, "That Mr. Rose's scheme for deepening the river be tried at once." This was carried, Mr. Tutchen being the only member against it.
